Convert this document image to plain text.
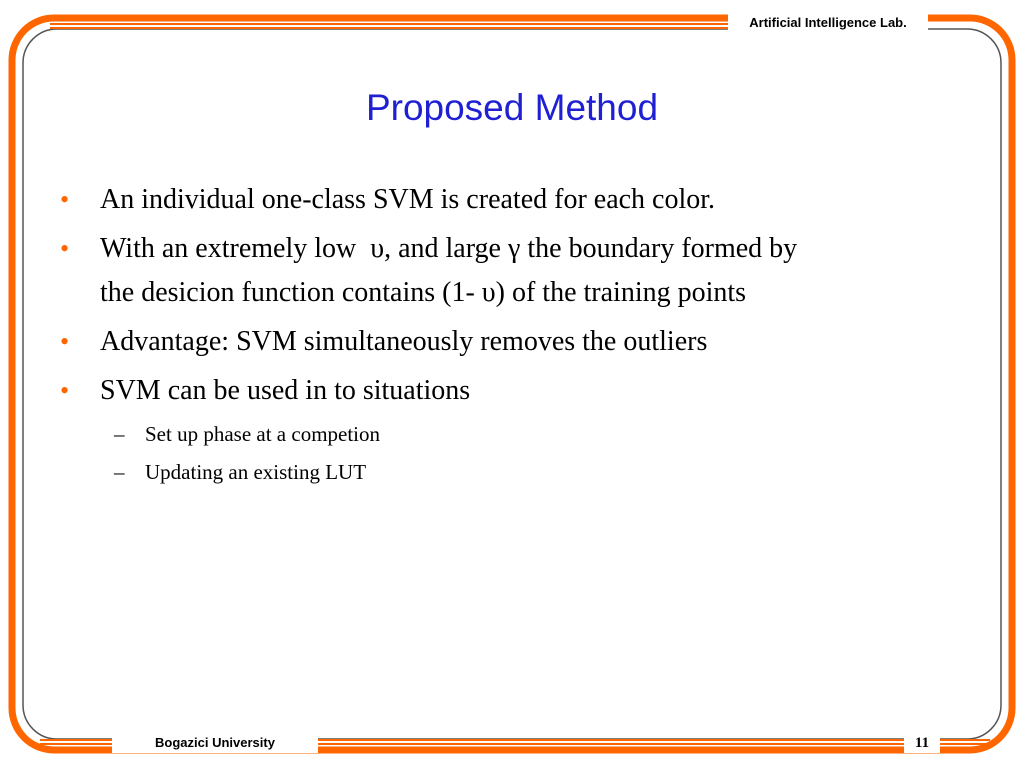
Artificial Intelligence Lab.
Proposed Method
• An individual one-class SVM is created for each color.
• With an extremely low  υ, and large γ the boundary formed by
the desicion function contains (1- υ) of the training points
• Advantage: SVM simultaneously removes the outliers
• SVM can be used in to situations
– Set up phase at a competion
– Updating an existing LUT
Bogazici University	11
